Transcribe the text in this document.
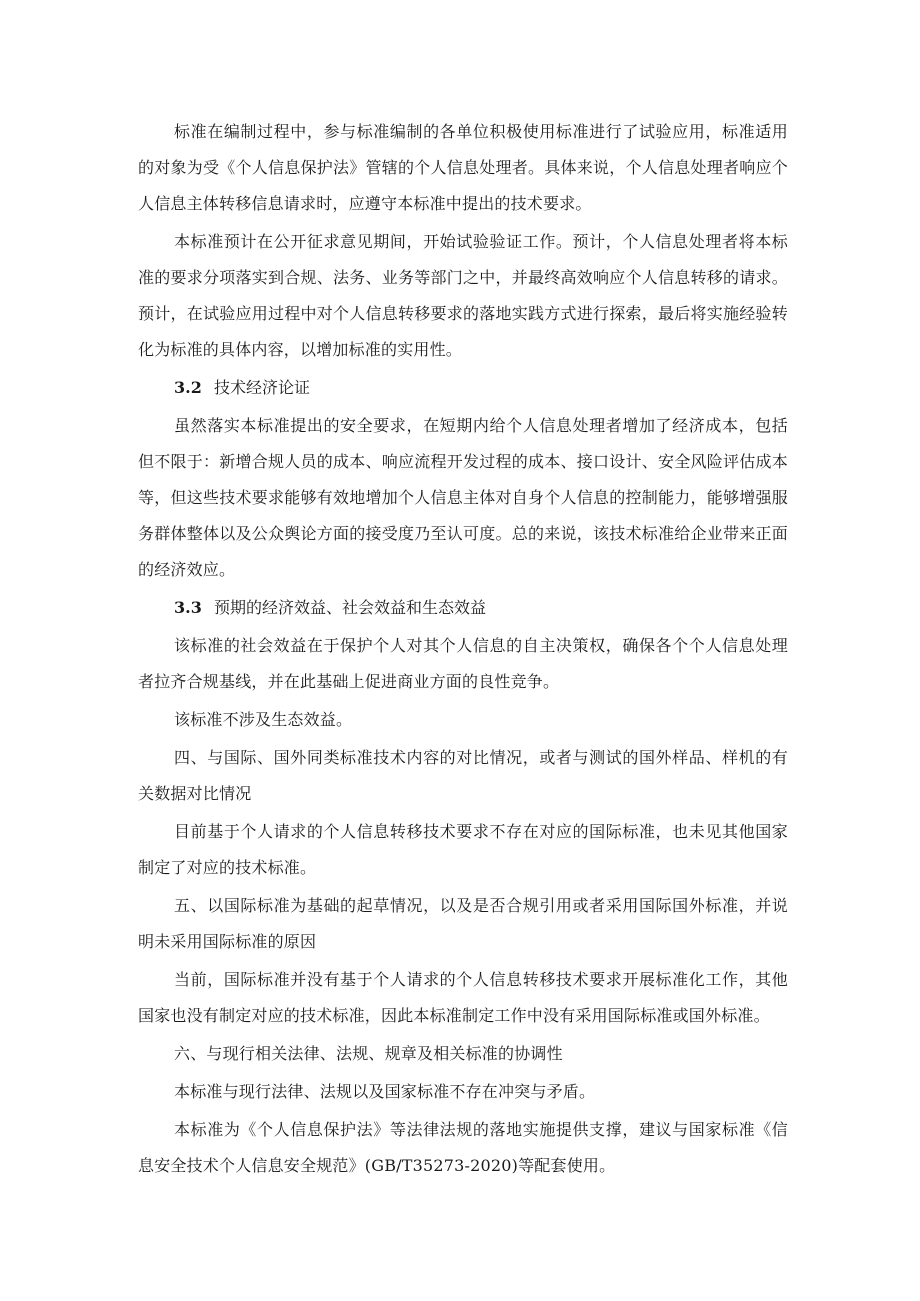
标准在编制过程中，参与标准编制的各单位积极使用标准进行了试验应用，标准适用的对象为受《个人信息保护法》管辖的个人信息处理者。具体来说，个人信息处理者响应个人信息主体转移信息请求时，应遵守本标准中提出的技术要求。

本标准预计在公开征求意见期间，开始试验验证工作。预计，个人信息处理者将本标准的要求分项落实到合规、法务、业务等部门之中，并最终高效响应个人信息转移的请求。预计，在试验应用过程中对个人信息转移要求的落地实践方式进行探索，最后将实施经验转化为标准的具体内容，以增加标准的实用性。

3.2 技术经济论证

虽然落实本标准提出的安全要求，在短期内给个人信息处理者增加了经济成本，包括但不限于：新增合规人员的成本、响应流程开发过程的成本、接口设计、安全风险评估成本等，但这些技术要求能够有效地增加个人信息主体对自身个人信息的控制能力，能够增强服务群体整体以及公众舆论方面的接受度乃至认可度。总的来说，该技术标准给企业带来正面的经济效应。

3.3 预期的经济效益、社会效益和生态效益

该标准的社会效益在于保护个人对其个人信息的自主决策权，确保各个个人信息处理者拉齐合规基线，并在此基础上促进商业方面的良性竞争。

该标准不涉及生态效益。

四、与国际、国外同类标准技术内容的对比情况，或者与测试的国外样品、样机的有关数据对比情况

目前基于个人请求的个人信息转移技术要求不存在对应的国际标准，也未见其他国家制定了对应的技术标准。

五、以国际标准为基础的起草情况，以及是否合规引用或者采用国际国外标准，并说明未采用国际标准的原因

当前，国际标准并没有基于个人请求的个人信息转移技术要求开展标准化工作，其他国家也没有制定对应的技术标准，因此本标准制定工作中没有采用国际标准或国外标准。

六、与现行相关法律、法规、规章及相关标准的协调性

本标准与现行法律、法规以及国家标准不存在冲突与矛盾。

本标准为《个人信息保护法》等法律法规的落地实施提供支撑，建议与国家标准《信息安全技术个人信息安全规范》(GB/T35273-2020)等配套使用。
